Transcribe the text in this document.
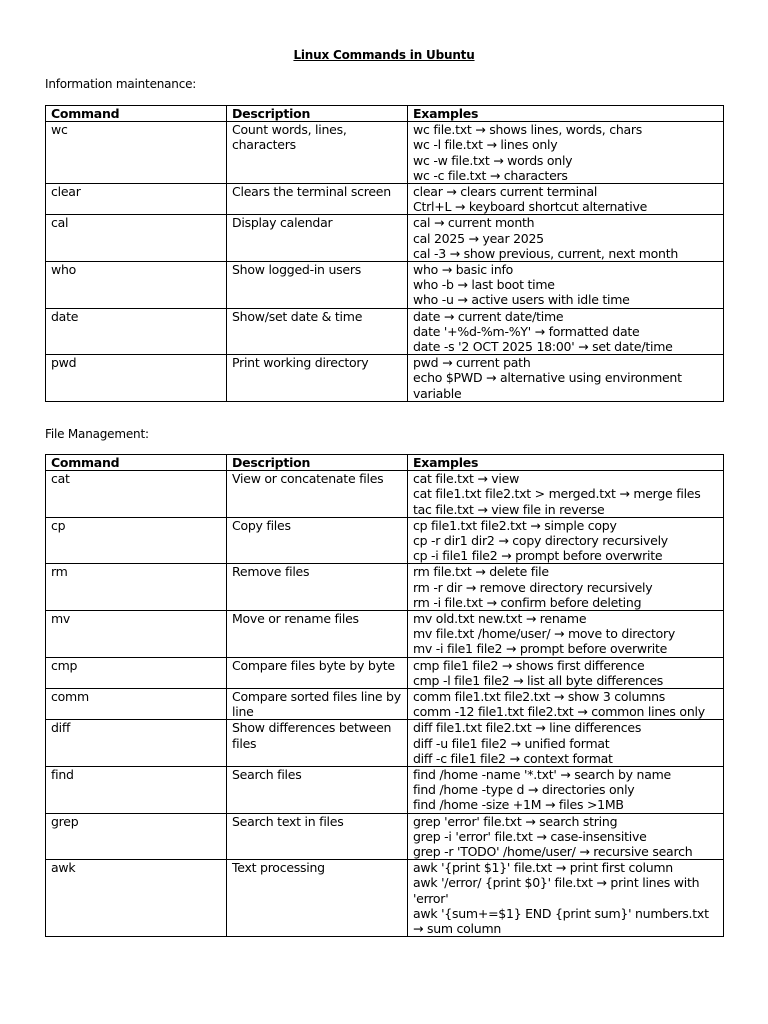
Linux Commands in Ubuntu
Information maintenance:
Command	Description	Examples
wc	Count words, lines, characters	wc file.txt → shows lines, words, chars
wc -l file.txt → lines only
wc -w file.txt → words only
wc -c file.txt → characters

clear	Clears the terminal screen	clear → clears current terminal
Ctrl+L → keyboard shortcut alternative

cal	Display calendar	cal → current month
cal 2025 → year 2025
cal -3 → show previous, current, next month

who	Show logged-in users	who → basic info
who -b → last boot time
who -u → active users with idle time

date	Show/set date & time	date → current date/time
date '+%d-%m-%Y' → formatted date
date -s '2 OCT 2025 18:00' → set date/time

pwd	Print working directory	pwd → current path
echo $PWD → alternative using environment variable
File Management:
Command	Description	Examples
cat	View or concatenate files	cat file.txt → view
cat file1.txt file2.txt > merged.txt → merge files
tac file.txt → view file in reverse

cp	Copy files	cp file1.txt file2.txt → simple copy
cp -r dir1 dir2 → copy directory recursively
cp -i file1 file2 → prompt before overwrite

rm	Remove files	rm file.txt → delete file
rm -r dir → remove directory recursively
rm -i file.txt → confirm before deleting

mv	Move or rename files	mv old.txt new.txt → rename
mv file.txt /home/user/ → move to directory
mv -i file1 file2 → prompt before overwrite

cmp	Compare files byte by byte	cmp file1 file2 → shows first difference
cmp -l file1 file2 → list all byte differences

comm	Compare sorted files line by line	comm file1.txt file2.txt → show 3 columns
comm -12 file1.txt file2.txt → common lines only

diff	Show differences between files	diff file1.txt file2.txt → line differences
diff -u file1 file2 → unified format
diff -c file1 file2 → context format

find	Search files	find /home -name '*.txt' → search by name
find /home -type d → directories only
find /home -size +1M → files >1MB

grep	Search text in files	grep 'error' file.txt → search string
grep -i 'error' file.txt → case-insensitive
grep -r 'TODO' /home/user/ → recursive search

awk	Text processing	awk '{print $1}' file.txt → print first column
awk '/error/ {print $0}' file.txt → print lines with 'error'
awk '{sum+=$1} END {print sum}' numbers.txt → sum column
